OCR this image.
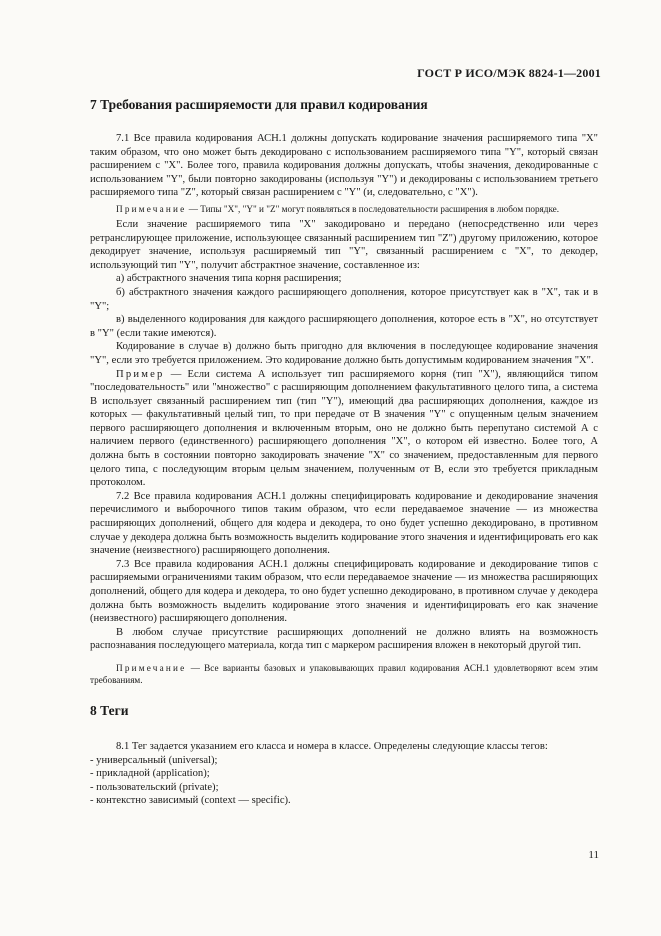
ГОСТ Р ИСО/МЭК 8824-1—2001
7 Требования расширяемости для правил кодирования

7.1 Все правила кодирования АСН.1 должны допускать кодирование значения расширяемого типа "X" таким образом, что оно может быть декодировано с использованием расширяемого типа "Y", который связан расширением с "X". Более того, правила кодирования должны допускать, чтобы значения, декодированные с использованием "Y", были повторно закодированы (используя "Y") и декодированы с использованием третьего расширяемого типа "Z", который связан расширением с "Y" (и, следовательно, с "X").

Примечание — Типы "X", "Y" и "Z" могут появляться в последовательности расширения в любом порядке.

Если значение расширяемого типа "X" закодировано и передано (непосредственно или через ретранслирующее приложение, использующее связанный расширением тип "Z") другому приложению, которое декодирует значение, используя расширяемый тип "Y", связанный расширением с "X", то декодер, использующий тип "Y", получит абстрактное значение, составленное из:

а) абстрактного значения типа корня расширения;

б) абстрактного значения каждого расширяющего дополнения, которое присутствует как в "X", так и в "Y";

в) выделенного кодирования для каждого расширяющего дополнения, которое есть в "X", но отсутствует в "Y" (если такие имеются).

Кодирование в случае в) должно быть пригодно для включения в последующее кодирование значения "Y", если это требуется приложением. Это кодирование должно быть допустимым кодированием значения "X".

Пример — Если система А использует тип расширяемого корня (тип "X"), являющийся типом "последовательность" или "множество" с расширяющим дополнением факультативного целого типа, а система В использует связанный расширением тип (тип "Y"), имеющий два расширяющих дополнения, каждое из которых — факультативный целый тип, то при передаче от В значения "Y" с опущенным целым значением первого расширяющего дополнения и включенным вторым, оно не должно быть перепутано системой А с наличием первого (единственного) расширяющего дополнения "X", о котором ей известно. Более того, А должна быть в состоянии повторно закодировать значение "X" со значением, предоставленным для первого целого типа, с последующим вторым целым значением, полученным от В, если это требуется прикладным протоколом.

7.2 Все правила кодирования АСН.1 должны специфицировать кодирование и декодирование значения перечислимого и выборочного типов таким образом, что если передаваемое значение — из множества расширяющих дополнений, общего для кодера и декодера, то оно будет успешно декодировано, в противном случае у декодера должна быть возможность выделить кодирование этого значения и идентифицировать его как значение (неизвестного) расширяющего дополнения.

7.3 Все правила кодирования АСН.1 должны специфицировать кодирование и декодирование типов с расширяемыми ограничениями таким образом, что если передаваемое значение — из множества расширяющих дополнений, общего для кодера и декодера, то оно будет успешно декодировано, в противном случае у декодера должна быть возможность выделить кодирование этого значения и идентифицировать его как значение (неизвестного) расширяющего дополнения.

В любом случае присутствие расширяющих дополнений не должно влиять на возможность распознавания последующего материала, когда тип с маркером расширения вложен в некоторый другой тип.

Примечание — Все варианты базовых и упаковывающих правил кодирования АСН.1 удовлетворяют всем этим требованиям.

8 Теги

8.1 Тег задается указанием его класса и номера в классе. Определены следующие классы тегов:

- универсальный (universal);

- прикладной (application);

- пользовательский (private);

- контекстно зависимый (context — specific).

11
